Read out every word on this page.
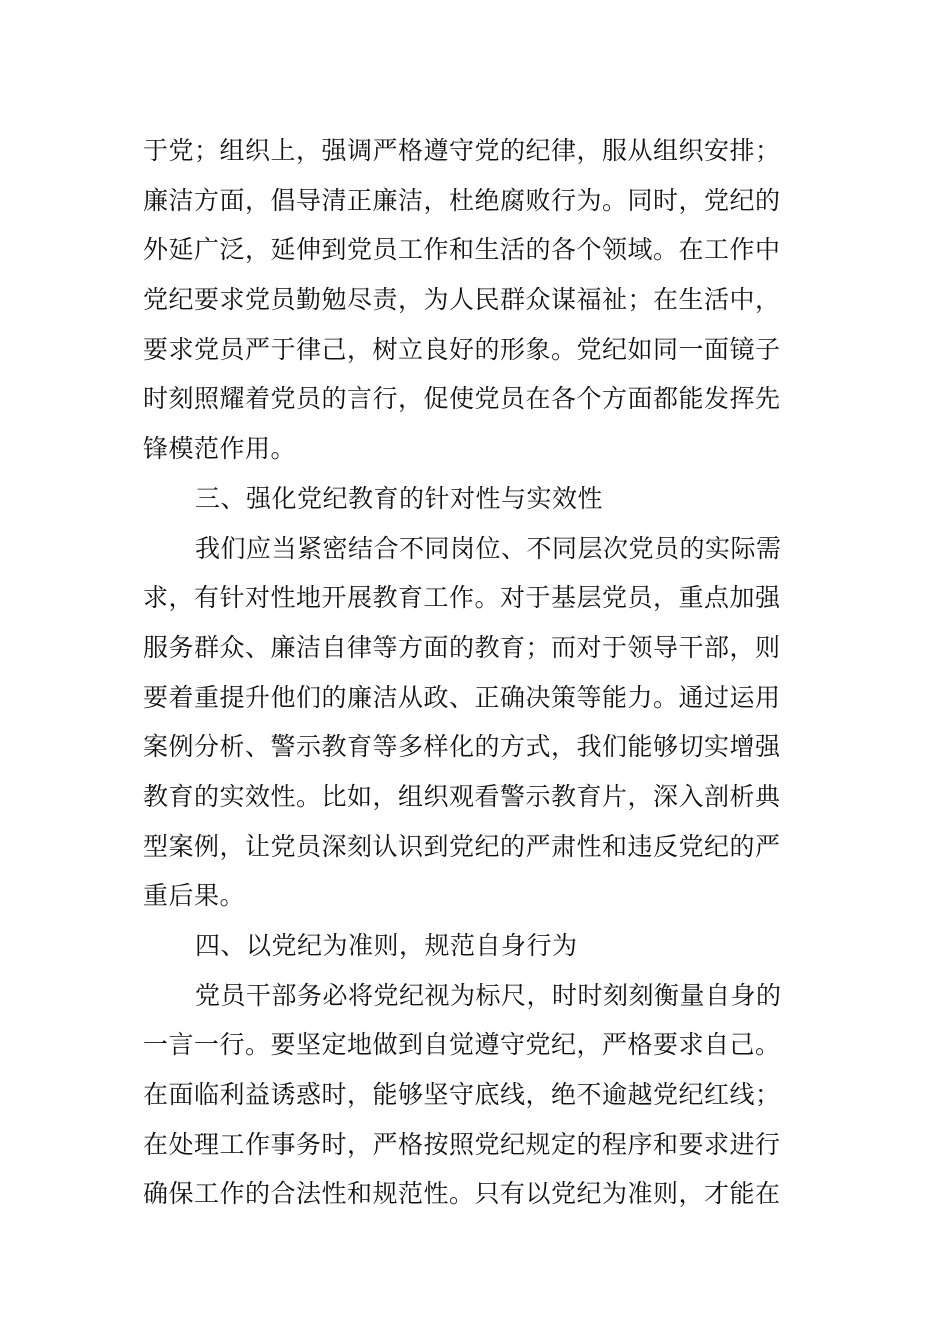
于党；组织上，强调严格遵守党的纪律，服从组织安排；
廉洁方面，倡导清正廉洁，杜绝腐败行为。同时，党纪的
外延广泛，延伸到党员工作和生活的各个领域。在工作中
党纪要求党员勤勉尽责，为人民群众谋福祉；在生活中，
要求党员严于律己，树立良好的形象。党纪如同一面镜子
时刻照耀着党员的言行，促使党员在各个方面都能发挥先
锋模范作用。
三、强化党纪教育的针对性与实效性
我们应当紧密结合不同岗位、不同层次党员的实际需
求，有针对性地开展教育工作。对于基层党员，重点加强
服务群众、廉洁自律等方面的教育；而对于领导干部，则
要着重提升他们的廉洁从政、正确决策等能力。通过运用
案例分析、警示教育等多样化的方式，我们能够切实增强
教育的实效性。比如，组织观看警示教育片，深入剖析典
型案例，让党员深刻认识到党纪的严肃性和违反党纪的严
重后果。
四、以党纪为准则，规范自身行为
党员干部务必将党纪视为标尺，时时刻刻衡量自身的
一言一行。要坚定地做到自觉遵守党纪，严格要求自己。
在面临利益诱惑时，能够坚守底线，绝不逾越党纪红线；
在处理工作事务时，严格按照党纪规定的程序和要求进行
确保工作的合法性和规范性。只有以党纪为准则，才能在
